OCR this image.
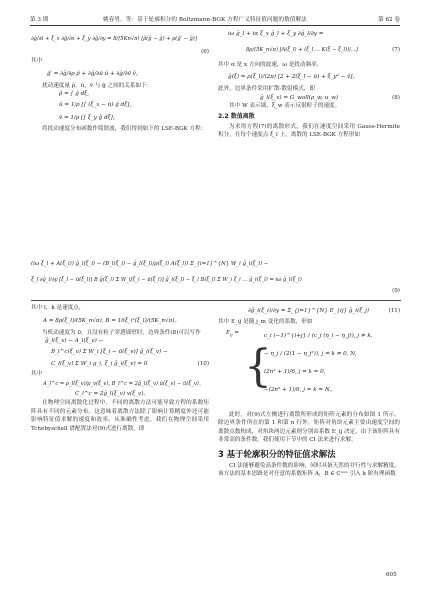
第 3 期	姚春男，等：基于轮廓积分的 Boltzmann-BGK 方程广义特征值问题的数值解法	第 62 卷
∂g̃/∂t + ξ_x ∂g̃/∂x + ξ_y ∂g̃/∂y = 8/(5Kn√π) [ρ̃(g̃ − g̃) + ρ(g̃′ − g̃)]
(6)

其中

g̃′ = ∂ĝ/∂ρ ρ̃ + ∂ĝ/∂ū ũ + ∂ĝ/∂v̄ ṽ。

扰动速度量 ρ̃，ũ，ṽ 与 g̃ 之间的关系如下：

ρ̃ = ∫ g̃ dξ,
ũ = 1/ρ [∫ (ξ_x − ū) g̃ dξ],
ṽ = 1/ρ [∫ ξ_y g̃ dξ]。

将扰动速度分布函数作简谐波，我们得到如下的 LSE-BGK 方程：

iω ĝ_l + iα ξ_x ĝ_l + ξ_y ∂ĝ_l/∂y =
8ρ/(5K_n√π) [A(ξ_l) + (ξ_l ... K(ξ − ξ_l))/...]	(7)

其中 α 是 x 方向的波速，ω 是扰动频率，

ĝ(ξ) = ρ(ξ_l)/(2π) [2 + 2(ξ_l − ū) + ξ_y² − ṽ]。

此外，边界条件采用扩散-散射模式，即

ĝ_l(ξ_v) = G_wall(ρ_w, u_w)	(8)

其中 W 表示墙，ξ_w 表示反射粒子的速度。

2.2 数值离散

为求得方程(7)的离散形式，我们在速度空间采用 Gauss-Hermite 积分，在每个速度点 ξ_l 上，离散的 LSE-BGK 方程形如

(iω ξ_l + A(ξ_l)) ĝ_l(ξ_l) − (B_l(ξ_l) − ĝ_l(ξ_l)/ρ(ξ_l) A(ξ_l)) Σ_{i=1}^{N} W_i ĝ_i(ξ_l) −
ξ_l ∂ĝ_l/∂y [ξ_l − ū(ξ_l)] B ĝ(ξ_l) Σ W_i[ξ_i − ū(ξ_l)] ĝ_i(ξ_l) − ξ_l B(ξ_l) Σ W_i ξ_i ... ĝ_i(ξ_l) = iω ĝ_l(ξ_l)
(9)

其中 l，k 是速度点，

A = 8ρ(ξ_l)/(5K_n√π), B = 16ξ_i²(ξ_l)/(5K_n√π)。

当机动速度为 0，且没有粒子穿透墙壁时，边界条件(8)可以写作

ĝ_l(ξ_v) − A_l(ξ_v) −
B_l^c(ξ_v) Σ W_i [ξ_i − ū(ξ_v)] ĝ_i(ξ_v) −
C_l(ξ_v) Σ W_i g_i, ξ_i ĝ_i(ξ_v) = 0	(10)

其中

A_l^c = ρ_l(ξ_v)/ρ_v(ξ_v), B_l^c = 2ĝ_l(ξ_v) ũ(ξ_v) − ū(ξ_v)。
C_l^c = 2ĝ_l(ξ_v) v(ξ_v)。

在物理空间离散化过程中，不同的离散方法可能导致方程的系数矩阵具有不同的元素分布。这意味着离散方法除了影响计算精度外还可能影响特征值求解的速度和效率。从准确性考虑，我们在物理空间采用 Tchebyschell 谱配置法对(9)式进行离散，即

∂ĝ_i(ξ_i)/∂y = Σ_{j=1}^{N} E_{ij} ĝ_i(ξ_j)	(11)

其中 E_ij 是随 j_m 变化的系数，形如

$E_{ij}$ =
{
c_i (−1)^{i+j} / (c_j (η_i − η_j)), j ≠ k,
− η_j / (2(1 − η_j²)), j = k ≠ 0, N,
(2n² + 1)/6, j = k = 0,
−(2n² + 1)/6, j = k = N。

此时，对(9)式左侧进行离散所形成的矩阵元素的分布如图 1 所示。除边界条件所在的第 1 和第 n 行外，矩阵对角块元素主要由速度空间的离散点数构成，对角块两边元素则分别由系数 E_ij 决定。由于该矩阵具有非常高的条件数，我们使用下节中的 CI 法来进行求解。

3 基于轮廓积分的特征值求解法

CI 法能够避免高条件数的影响，同时具备天然的并行性与求解精度。该方法的基本思路是对任意的系数矩阵 A，B ∈ Cⁿˣⁿ 引入 k 阶有理函数

605
